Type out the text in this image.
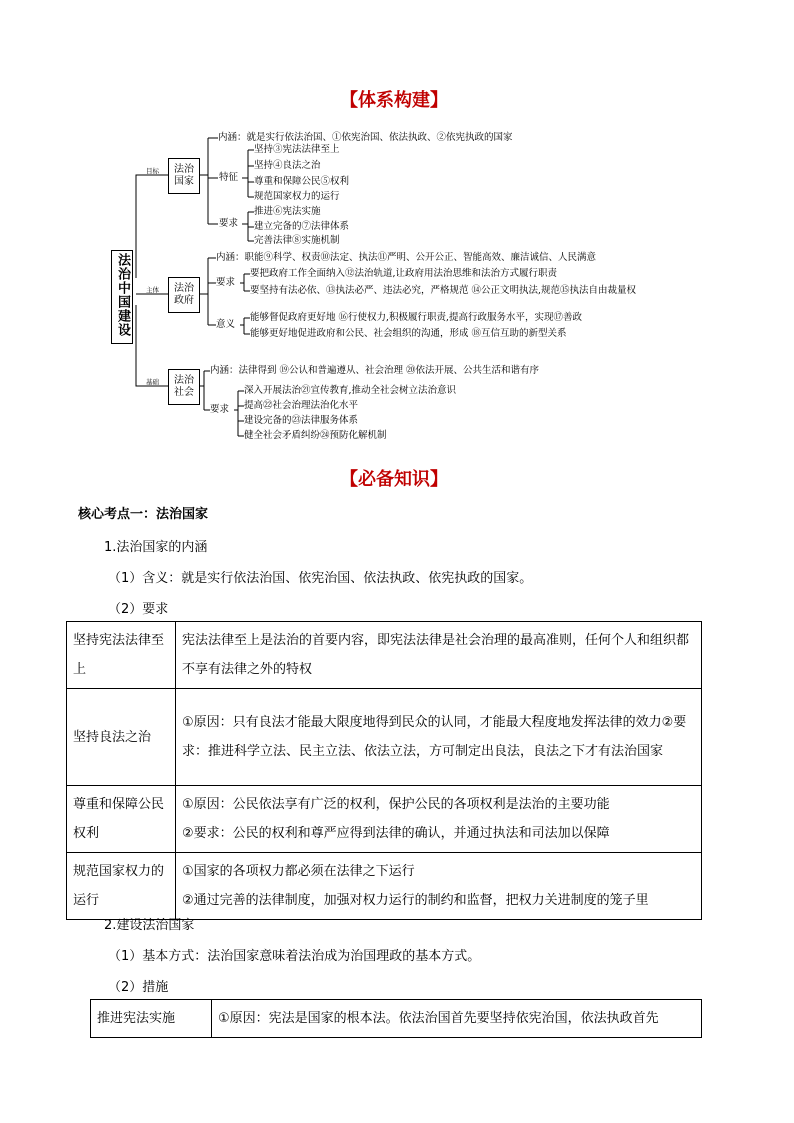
【体系构建】
法治中国建设
目标
主体
基础
法治国家
法治政府
法治社会
内涵：就是实行依法治国、①依宪治国、依法执政、②依宪执政的国家
特征
坚持③宪法法律至上
坚持④良法之治
尊重和保障公民⑤权利
规范国家权力的运行
要求
推进⑥宪法实施
建立完备的⑦法律体系
完善法律⑧实施机制
内涵：职能⑨科学、权责⑩法定、执法⑪严明、公开公正、智能高效、廉洁诚信、人民满意
要求
要把政府工作全面纳入⑫法治轨道,让政府用法治思维和法治方式履行职责
要坚持有法必依、⑬执法必严、违法必究，严格规范 ⑭公正文明执法,规范⑮执法自由裁量权
意义
能够督促政府更好地 ⑯行使权力,积极履行职责,提高行政服务水平，实现⑰善政
能够更好地促进政府和公民、社会组织的沟通，形成 ⑱互信互助的新型关系
内涵：法律得到 ⑲公认和普遍遵从、社会治理 ⑳依法开展、公共生活和谐有序
要求
深入开展法治㉑宣传教育,推动全社会树立法治意识
提高㉒社会治理法治化水平
建设完备的㉓法律服务体系
健全社会矛盾纠纷㉔预防化解机制
【必备知识】
核心考点一：法治国家
1.法治国家的内涵
（1）含义：就是实行依法治国、依宪治国、依法执政、依宪执政的国家。
（2）要求
坚持宪法法律至上	宪法法律至上是法治的首要内容，即宪法法律是社会治理的最高准则，任何个人和组织都不享有法律之外的特权
坚持良法之治	①原因：只有良法才能最大限度地得到民众的认同，才能最大程度地发挥法律的效力②要求：推进科学立法、民主立法、依法立法，方可制定出良法，良法之下才有法治国家
尊重和保障公民权利	①原因：公民依法享有广泛的权利，保护公民的各项权利是法治的主要功能
②要求：公民的权利和尊严应得到法律的确认，并通过执法和司法加以保障

规范国家权力的运行	①国家的各项权力都必须在法律之下运行
②通过完善的法律制度，加强对权力运行的制约和监督，把权力关进制度的笼子里
2.建设法治国家
（1）基本方式：法治国家意味着法治成为治国理政的基本方式。
（2）措施
推进宪法实施	①原因：宪法是国家的根本法。依法治国首先要坚持依宪治国，依法执政首先
